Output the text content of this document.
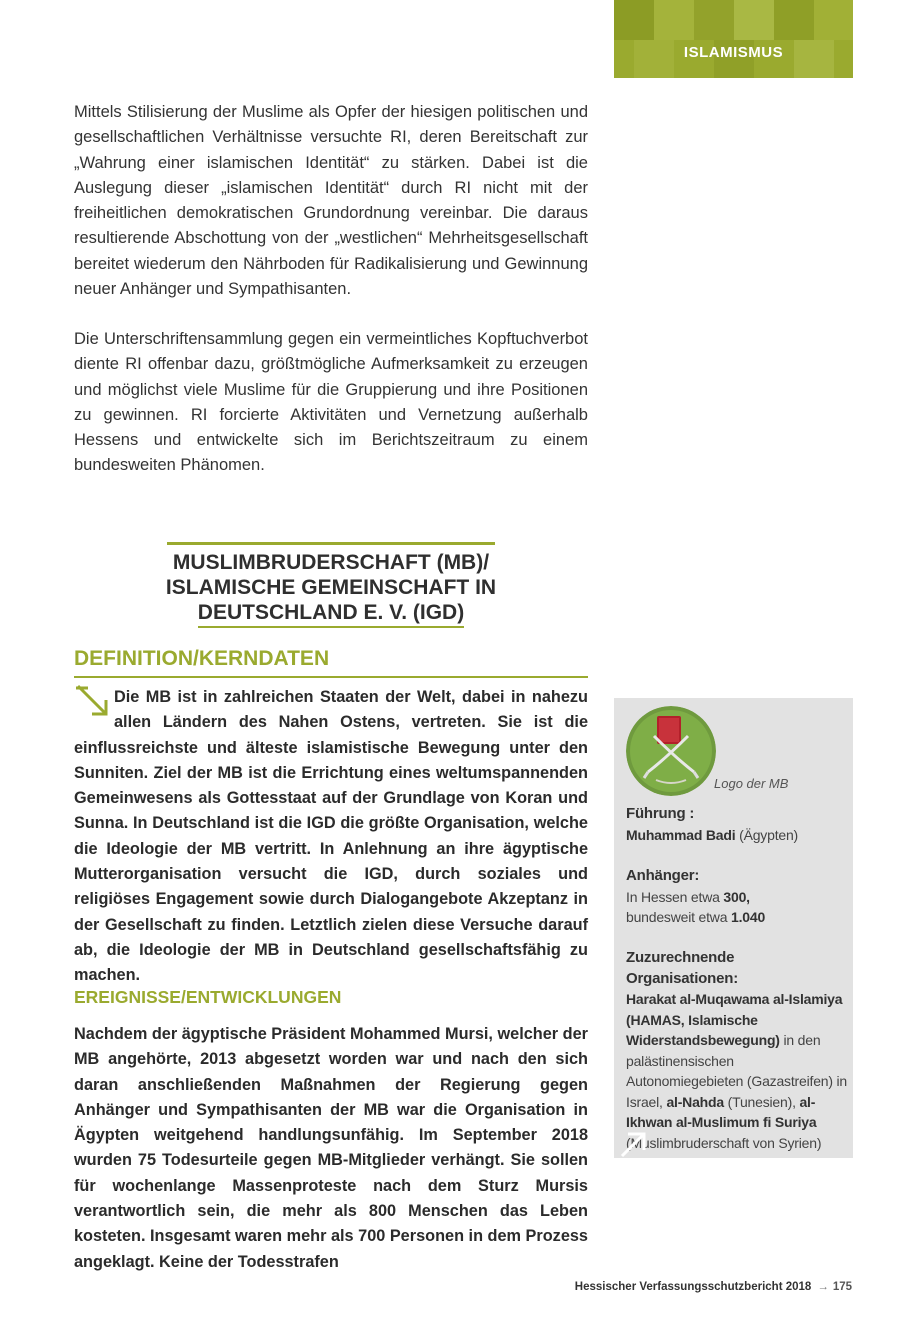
ISLAMISMUS

Mittels Stilisierung der Muslime als Opfer der hiesigen politischen und gesellschaftlichen Verhältnisse versuchte RI, deren Bereitschaft zur „Wahrung einer islamischen Identität“ zu stärken. Dabei ist die Auslegung dieser „islamischen Identität“ durch RI nicht mit der freiheitlichen demokratischen Grundordnung vereinbar. Die daraus resultierende Abschottung von der „westlichen“ Mehrheitsgesellschaft bereitet wiederum den Nährboden für Radikalisierung und Gewinnung neuer Anhänger und Sympathisanten.

Die Unterschriftensammlung gegen ein vermeintliches Kopftuchverbot diente RI offenbar dazu, größtmögliche Aufmerksamkeit zu erzeugen und möglichst viele Muslime für die Gruppierung und ihre Positionen zu gewinnen. RI forcierte Aktivitäten und Vernetzung außerhalb Hessens und entwickelte sich im Berichtszeitraum zu einem bundesweiten Phänomen.

MUSLIMBRUDERSCHAFT (MB)/
ISLAMISCHE GEMEINSCHAFT IN
DEUTSCHLAND E. V. (IGD)
DEFINITION/KERNDATEN

Die MB ist in zahlreichen Staaten der Welt, dabei in nahezu allen Ländern des Nahen Ostens, vertreten. Sie ist die einflussreichste und älteste islamistische Bewegung unter den Sunniten. Ziel der MB ist die Errichtung eines weltumspannenden Gemeinwesens als Gottesstaat auf der Grundlage von Koran und Sunna. In Deutschland ist die IGD die größte Organisation, welche die Ideologie der MB vertritt. In Anlehnung an ihre ägyptische Mutterorganisation versucht die IGD, durch soziales und religiöses Engagement sowie durch Dialogangebote Akzeptanz in der Gesellschaft zu finden. Letztlich zielen diese Versuche darauf ab, die Ideologie der MB in Deutschland gesellschaftsfähig zu machen.

EREIGNISSE/ENTWICKLUNGEN

Nachdem der ägyptische Präsident Mohammed Mursi, welcher der MB angehörte, 2013 abgesetzt worden war und nach den sich daran anschließenden Maßnahmen der Regierung gegen Anhänger und Sympathisanten der MB war die Organisation in Ägypten weitgehend handlungsunfähig. Im September 2018 wurden 75 Todesurteile gegen MB-Mitglieder verhängt. Sie sollen für wochenlange Massenproteste nach dem Sturz Mursis verantwortlich sein, die mehr als 800 Menschen das Leben kosteten. Insgesamt waren mehr als 700 Personen in dem Prozess angeklagt. Keine der Todesstrafen

Logo der MB

Führung :
Muhammad Badi (Ägypten)

Anhänger:
In Hessen etwa 300,
bundesweit etwa 1.040

Zuzurechnende Organisationen:
Harakat al-Muqawama al-Islamiya (HAMAS, Islamische Widerstandsbewegung) in den palästinensischen Autonomiegebieten (Gazastreifen) in Israel, al-Nahda (Tunesien), al-Ikhwan al-Muslimum fi Suriya (Muslimbruderschaft von Syrien)

Hessischer Verfassungsschutzbericht 2018 → 175
